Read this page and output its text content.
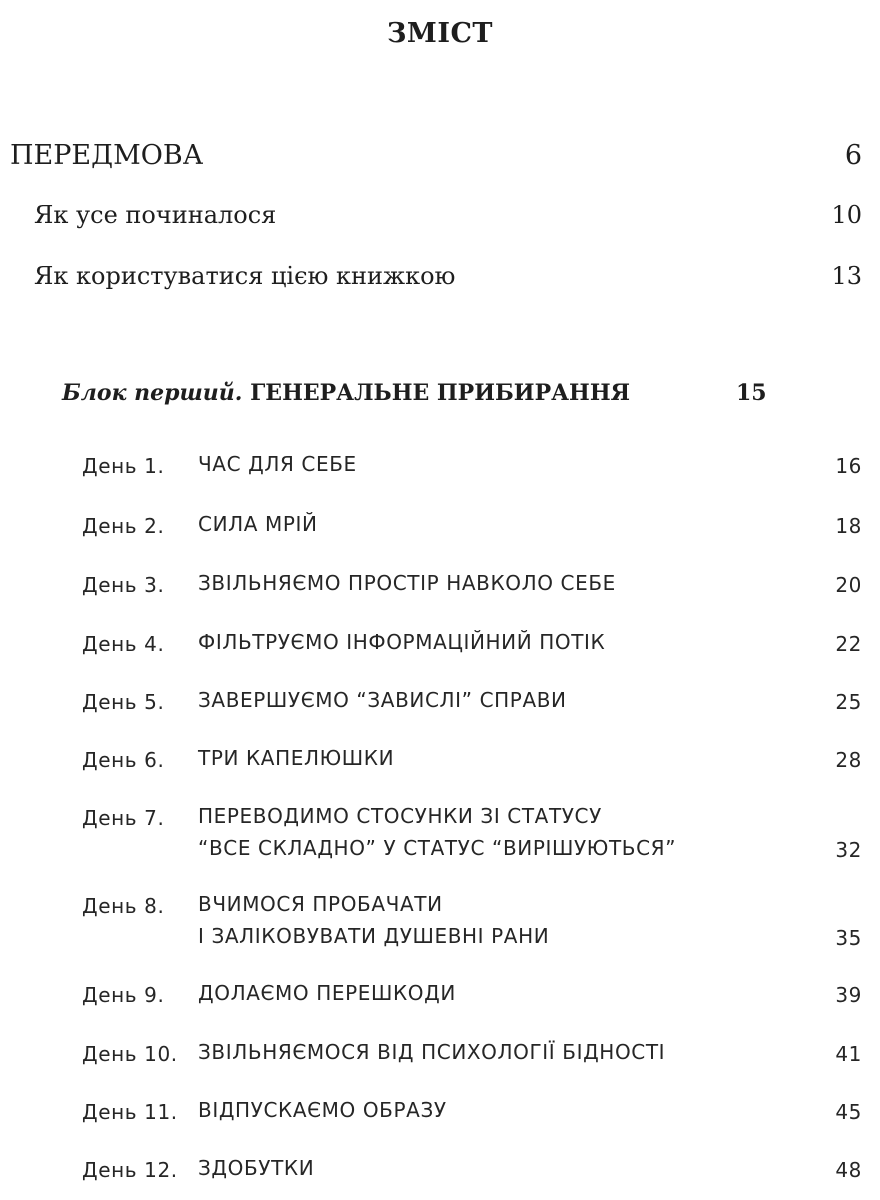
ЗМІСТ
ПЕРЕДМОВА	6
Як усе починалося	10
Як користуватися цією книжкою	13
Блок перший. ГЕНЕРАЛЬНЕ ПРИБИРАННЯ	15
День 1. ЧАС ДЛЯ СЕБЕ	16
День 2. СИЛА МРІЙ	18
День 3. ЗВІЛЬНЯЄМО ПРОСТІР НАВКОЛО СЕБЕ	20
День 4. ФІЛЬТРУЄМО ІНФОРМАЦІЙНИЙ ПОТІК	22
День 5. ЗАВЕРШУЄМО “ЗАВИСЛІ” СПРАВИ	25
День 6. ТРИ КАПЕЛЮШКИ	28
День 7. ПЕРЕВОДИМО СТОСУНКИ ЗІ СТАТУСУ
“ВСЕ СКЛАДНО” У СТАТУС “ВИРІШУЮТЬСЯ”	32
День 8. ВЧИМОСЯ ПРОБАЧАТИ
І ЗАЛІКОВУВАТИ ДУШЕВНІ РАНИ	35
День 9. ДОЛАЄМО ПЕРЕШКОДИ	39
День 10. ЗВІЛЬНЯЄМОСЯ ВІД ПСИХОЛОГІЇ БІДНОСТІ	41
День 11. ВІДПУСКАЄМО ОБРАЗУ	45
День 12. ЗДОБУТКИ	48
